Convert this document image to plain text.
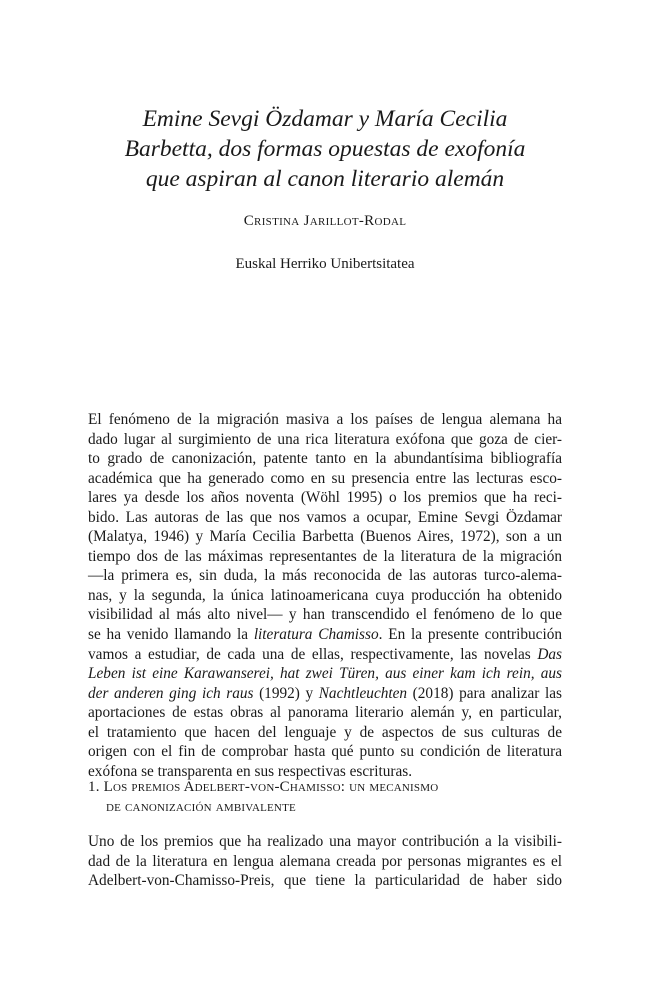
Emine Sevgi Özdamar y María Cecilia
Barbetta, dos formas opuestas de exofonía
que aspiran al canon literario alemán
Cristina Jarillot-Rodal
Euskal Herriko Unibertsitatea
El fenómeno de la migración masiva a los países de lengua alemana ha
dado lugar al surgimiento de una rica literatura exófona que goza de cier-
to grado de canonización, patente tanto en la abundantísima bibliografía
académica que ha generado como en su presencia entre las lecturas esco-
lares ya desde los años noventa (Wöhl 1995) o los premios que ha reci-
bido. Las autoras de las que nos vamos a ocupar, Emine Sevgi Özdamar
(Malatya, 1946) y María Cecilia Barbetta (Buenos Aires, 1972), son a un
tiempo dos de las máximas representantes de la literatura de la migración
—la primera es, sin duda, la más reconocida de las autoras turco-alema-
nas, y la segunda, la única latinoamericana cuya producción ha obtenido
visibilidad al más alto nivel— y han transcendido el fenómeno de lo que
se ha venido llamando la literatura Chamisso. En la presente contribución
vamos a estudiar, de cada una de ellas, respectivamente, las novelas Das
Leben ist eine Karawanserei, hat zwei Türen, aus einer kam ich rein, aus
der anderen ging ich raus (1992) y Nachtleuchten (2018) para analizar las
aportaciones de estas obras al panorama literario alemán y, en particular,
el tratamiento que hacen del lenguaje y de aspectos de sus culturas de
origen con el fin de comprobar hasta qué punto su condición de literatura
exófona se transparenta en sus respectivas escrituras.
1. Los premios Adelbert-von-Chamisso: un mecanismo
de canonización ambivalente
Uno de los premios que ha realizado una mayor contribución a la visibili-
dad de la literatura en lengua alemana creada por personas migrantes es el
Adelbert-von-Chamisso-Preis, que tiene la particularidad de haber sido
